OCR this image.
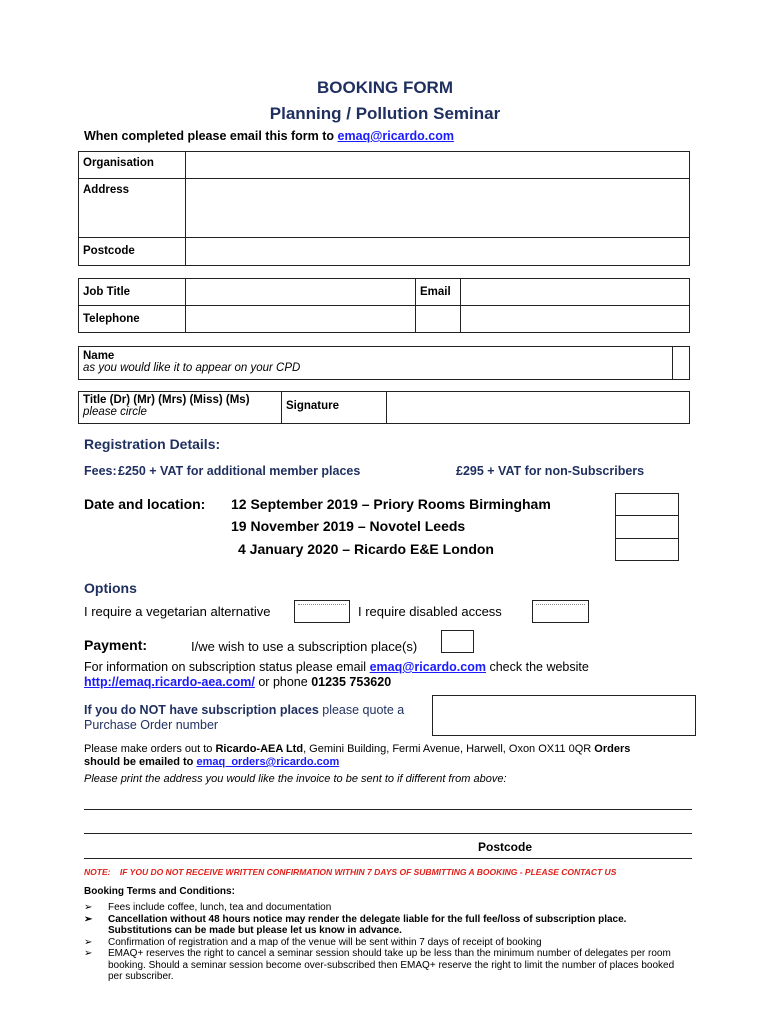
BOOKING FORM
Planning / Pollution Seminar
When completed please email this form to emaq@ricardo.com
Organisation	
Address	
Postcode	
Job Title		Email	
Telephone			
Name
as you would like it to appear on your CPD

Title (Dr) (Mr) (Mrs) (Miss) (Ms)
please circle	Signature	
Registration Details:
Fees: £250 + VAT for additional member places	£295 + VAT for non-Subscribers
Date and location: 12 September 2019 – Priory Rooms Birmingham
19 November 2019 – Novotel Leeds
4 January 2020 – Ricardo E&E London
Options
I require a vegetarian alternative	I require disabled access
Payment:	I/we wish to use a subscription place(s)
For information on subscription status please email emaq@ricardo.com check the website
http://emaq.ricardo-aea.com/ or phone 01235 753620
If you do NOT have subscription places please quote a
Purchase Order number
Please make orders out to Ricardo-AEA Ltd, Gemini Building, Fermi Avenue, Harwell, Oxon OX11 0QR Orders
should be emailed to emaq_orders@ricardo.com
Please print the address you would like the invoice to be sent to if different from above:
Postcode
NOTE: IF YOU DO NOT RECEIVE WRITTEN CONFIRMATION WITHIN 7 DAYS OF SUBMITTING A BOOKING - PLEASE CONTACT US
Booking Terms and Conditions:
➢ Fees include coffee, lunch, tea and documentation
➢ Cancellation without 48 hours notice may render the delegate liable for the full fee/loss of subscription place. Substitutions can be made but please let us know in advance.
➢ Confirmation of registration and a map of the venue will be sent within 7 days of receipt of booking
➢ EMAQ+ reserves the right to cancel a seminar session should take up be less than the minimum number of delegates per room booking. Should a seminar session become over-subscribed then EMAQ+ reserve the right to limit the number of places booked per subscriber.
